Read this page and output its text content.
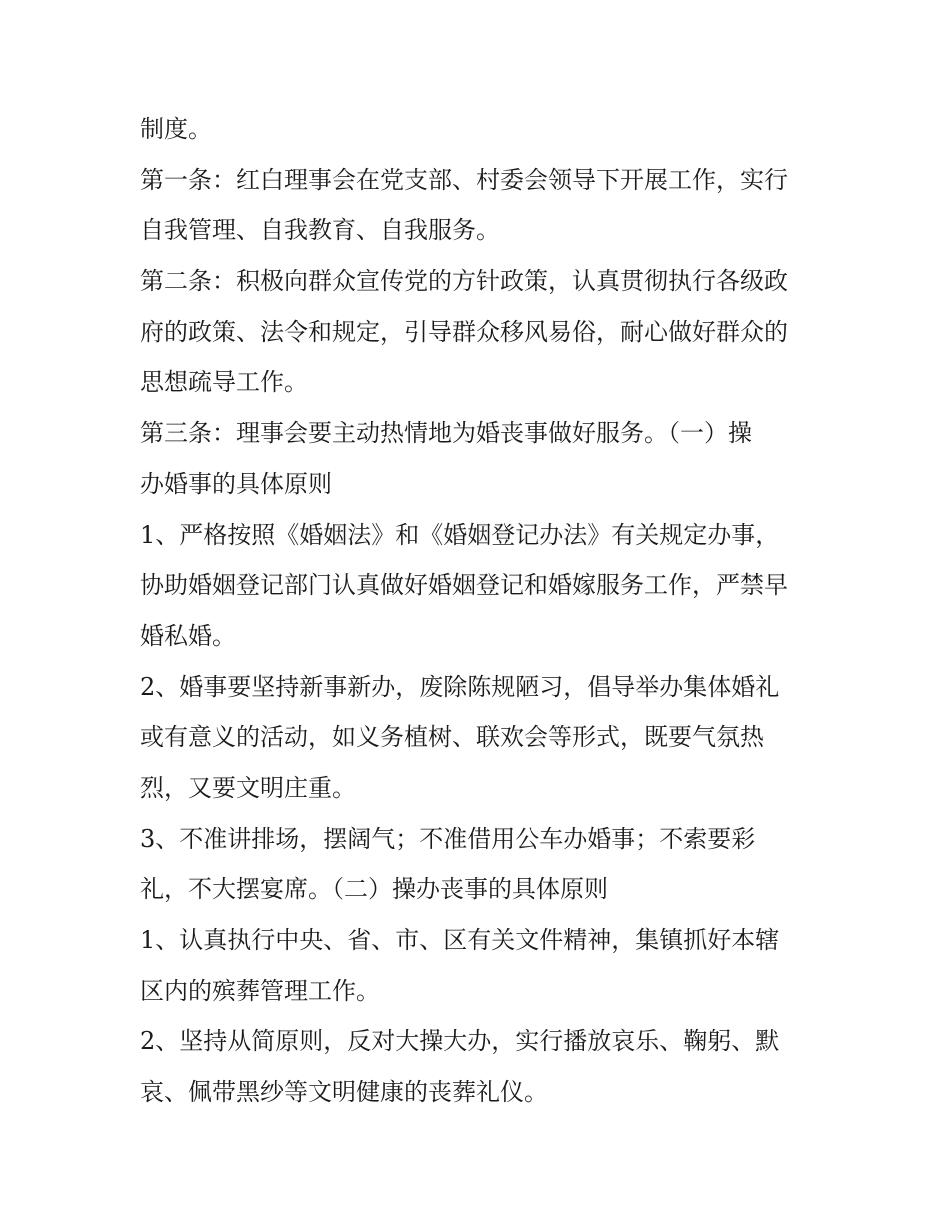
制度。
第一条：红白理事会在党支部、村委会领导下开展工作，实行
自我管理、自我教育、自我服务。
第二条：积极向群众宣传党的方针政策，认真贯彻执行各级政
府的政策、法令和规定，引导群众移风易俗，耐心做好群众的
思想疏导工作。
第三条：理事会要主动热情地为婚丧事做好服务。（一）操
办婚事的具体原则
1、严格按照《婚姻法》和《婚姻登记办法》有关规定办事，
协助婚姻登记部门认真做好婚姻登记和婚嫁服务工作，严禁早
婚私婚。
2、婚事要坚持新事新办，废除陈规陋习，倡导举办集体婚礼
或有意义的活动，如义务植树、联欢会等形式，既要气氛热
烈，又要文明庄重。
3、不准讲排场，摆阔气；不准借用公车办婚事；不索要彩
礼，不大摆宴席。（二）操办丧事的具体原则
1、认真执行中央、省、市、区有关文件精神，集镇抓好本辖
区内的殡葬管理工作。
2、坚持从简原则，反对大操大办，实行播放哀乐、鞠躬、默
哀、佩带黑纱等文明健康的丧葬礼仪。
